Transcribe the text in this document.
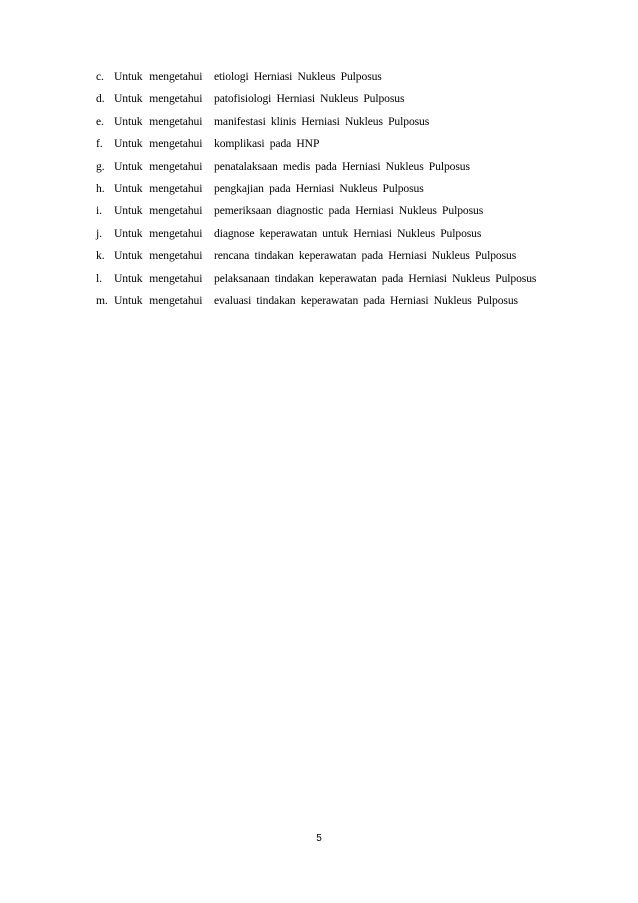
c. Untuk mengetahui	etiologi Herniasi Nukleus Pulposus
d. Untuk mengetahui	patofisiologi Herniasi Nukleus Pulposus
e. Untuk mengetahui	manifestasi klinis Herniasi Nukleus Pulposus
f. Untuk mengetahui	komplikasi pada HNP
g. Untuk mengetahui	penatalaksaan medis pada Herniasi Nukleus Pulposus
h. Untuk mengetahui	pengkajian pada Herniasi Nukleus Pulposus
i.	Untuk mengetahui	pemeriksaan diagnostic pada Herniasi Nukleus Pulposus
j.	Untuk mengetahui	diagnose keperawatan untuk Herniasi Nukleus Pulposus
k. Untuk mengetahui	rencana tindakan keperawatan pada Herniasi Nukleus Pulposus
l.	Untuk mengetahui	pelaksanaan tindakan keperawatan pada Herniasi Nukleus Pulposus
m. Untuk mengetahui	evaluasi tindakan keperawatan pada Herniasi Nukleus Pulposus
5
